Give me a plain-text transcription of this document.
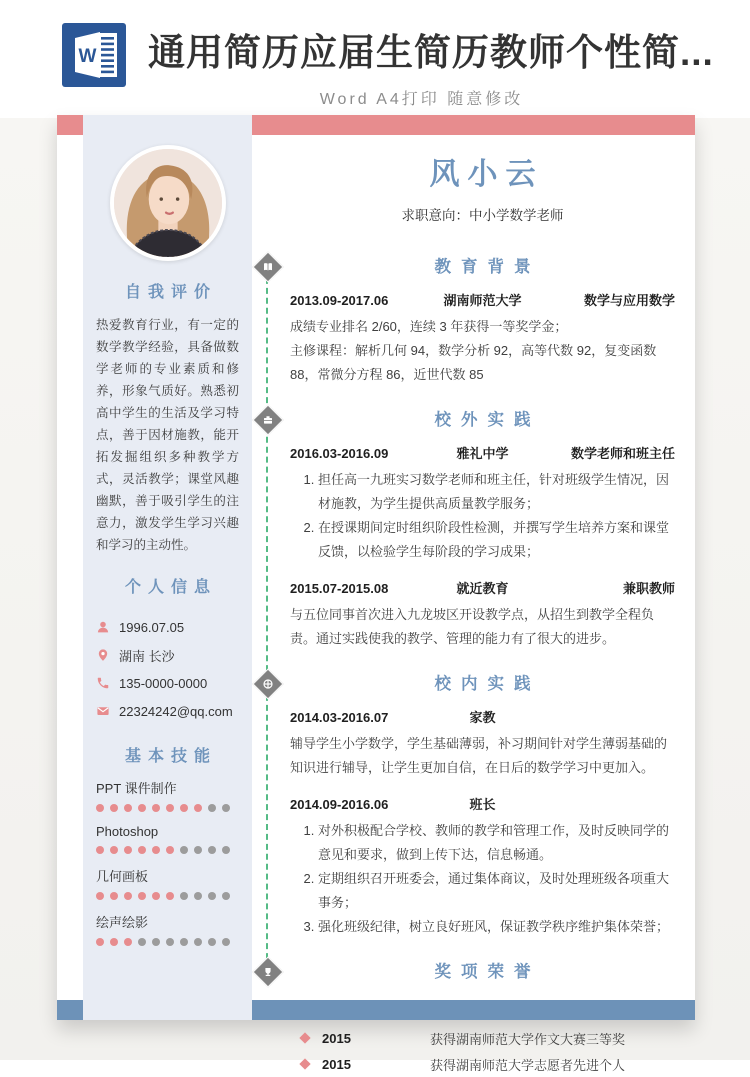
W 通用简历应届生简历教师个性简...
Word A4打印 随意修改
自我评价

热爱教育行业，有一定的数学教学经验，具备做数学老师的专业素质和修养，形象气质好。熟悉初高中学生的生活及学习特点，善于因材施教，能开拓发掘组织多种教学方式，灵活教学；课堂风趣幽默，善于吸引学生的注意力，激发学生学习兴趣和学习的主动性。

个人信息
1996.07.05
湖南 长沙
135-0000-0000
22324242@qq.com
基本技能
PPT 课件制作
Photoshop
几何画板
绘声绘影
风小云
求职意向：中小学数学老师
教育背景
2013.09-2017.06	湖南师范大学	数学与应用数学

成绩专业排名 2/60，连续 3 年获得一等奖学金；

主修课程：解析几何 94，数学分析 92，高等代数 92，复变函数 88，常微分方程 86，近世代数 85

校外实践
2016.03-2016.09	雅礼中学	数学老师和班主任
1. 担任高一九班实习数学老师和班主任，针对班级学生情况，因材施教，为学生提供高质量教学服务；
2. 在授课期间定时组织阶段性检测，并撰写学生培养方案和课堂反馈，以检验学生每阶段的学习成果；
2015.07-2015.08	就近教育	兼职教师

与五位同事首次进入九龙坡区开设教学点，从招生到教学全程负责。通过实践使我的教学、管理的能力有了很大的进步。

校内实践
2014.03-2016.07	家教

辅导学生小学数学，学生基础薄弱，补习期间针对学生薄弱基础的知识进行辅导，让学生更加自信，在日后的数学学习中更加入。

2014.09-2016.06	班长
1. 对外积极配合学校、教师的教学和管理工作，及时反映同学的意见和要求，做到上传下达，信息畅通。
2. 定期组织召开班委会，通过集体商议，及时处理班级各项重大事务；
3. 强化班级纪律，树立良好班风，保证教学秩序维护集体荣誉；
奖项荣誉
2015	获得湖南师范大学作文大赛三等奖
2015	获得湖南师范大学志愿者先进个人
